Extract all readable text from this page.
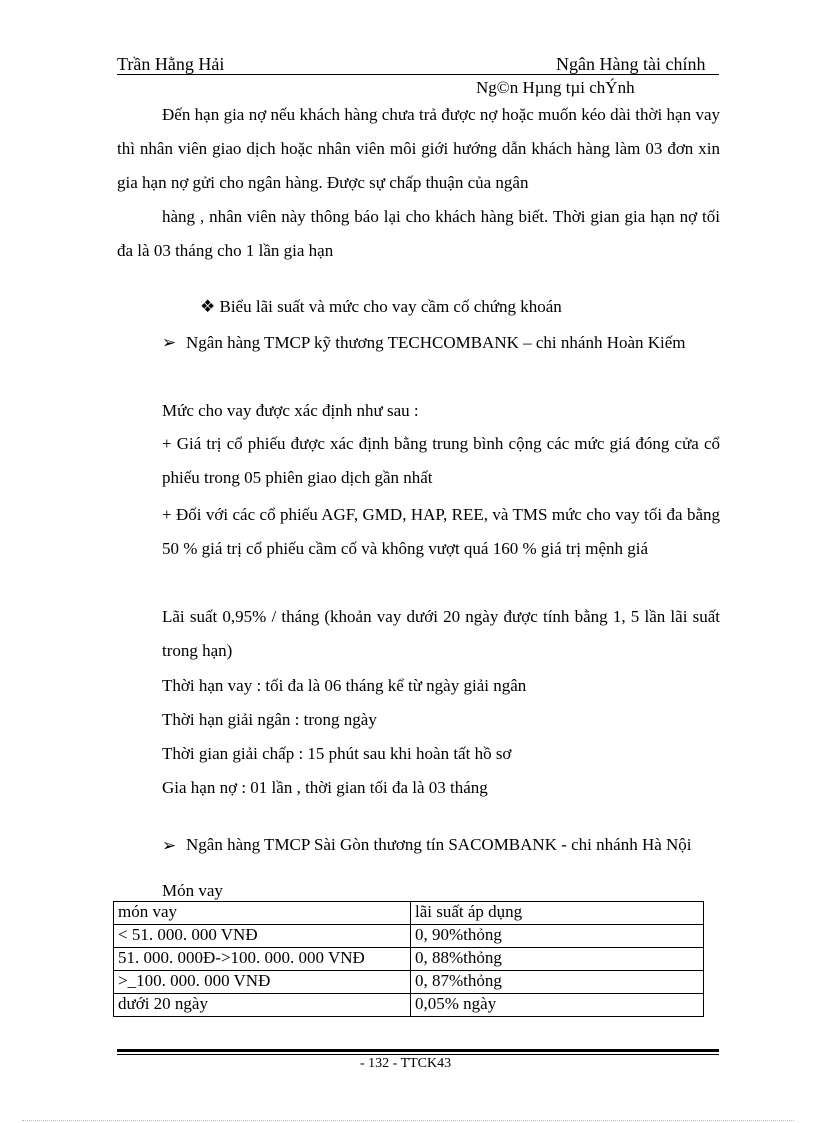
Trần Hằng Hải	Ngân Hàng tài chính
Ng©n Hµng tµi chÝnh
Đến hạn gia nợ nếu khách hàng chưa trả được nợ hoặc muốn kéo dài thời hạn vay thì nhân viên giao dịch hoặc nhân viên môi giới hướng dẫn khách hàng làm 03 đơn xin gia hạn nợ gửi cho ngân hàng. Được sự chấp thuận của ngân
hàng , nhân viên này thông báo lại cho khách hàng biết. Thời gian gia hạn nợ tối đa là 03 tháng cho 1 lần gia hạn
❖ Biểu lãi suất và mức cho vay cầm cố chứng khoán
➢ Ngân hàng TMCP kỹ thương TECHCOMBANK – chi nhánh Hoàn Kiếm
Mức cho vay được xác định như sau :
+ Giá trị cổ phiếu được xác định bằng trung bình cộng các mức giá đóng cửa cổ phiếu trong 05 phiên giao dịch gần nhất
+ Đối với các cổ phiếu AGF, GMD, HAP, REE, và TMS mức cho vay tối đa bằng 50 % giá trị cổ phiếu cầm cố và không vượt quá 160 % giá trị mệnh giá
Lãi suất 0,95% / tháng (khoản vay dưới 20 ngày được tính bằng 1, 5 lần lãi suất trong hạn)
Thời hạn vay : tối đa là 06 tháng kể từ ngày giải ngân
Thời hạn giải ngân : trong ngày
Thời gian giải chấp : 15 phút sau khi hoàn tất hồ sơ
Gia hạn nợ : 01 lần , thời gian tối đa là 03 tháng
➢ Ngân hàng TMCP Sài Gòn thương tín SACOMBANK - chi nhánh Hà Nội
Món vay
món vay	lãi suất áp dụng
< 51. 000. 000 VNĐ	0, 90%thỏng
51. 000. 000Đ->100. 000. 000 VNĐ	0, 88%thỏng
>_100. 000. 000 VNĐ	0, 87%thỏng
dưới 20 ngày	0,05% ngày
- 132 - TTCK43
